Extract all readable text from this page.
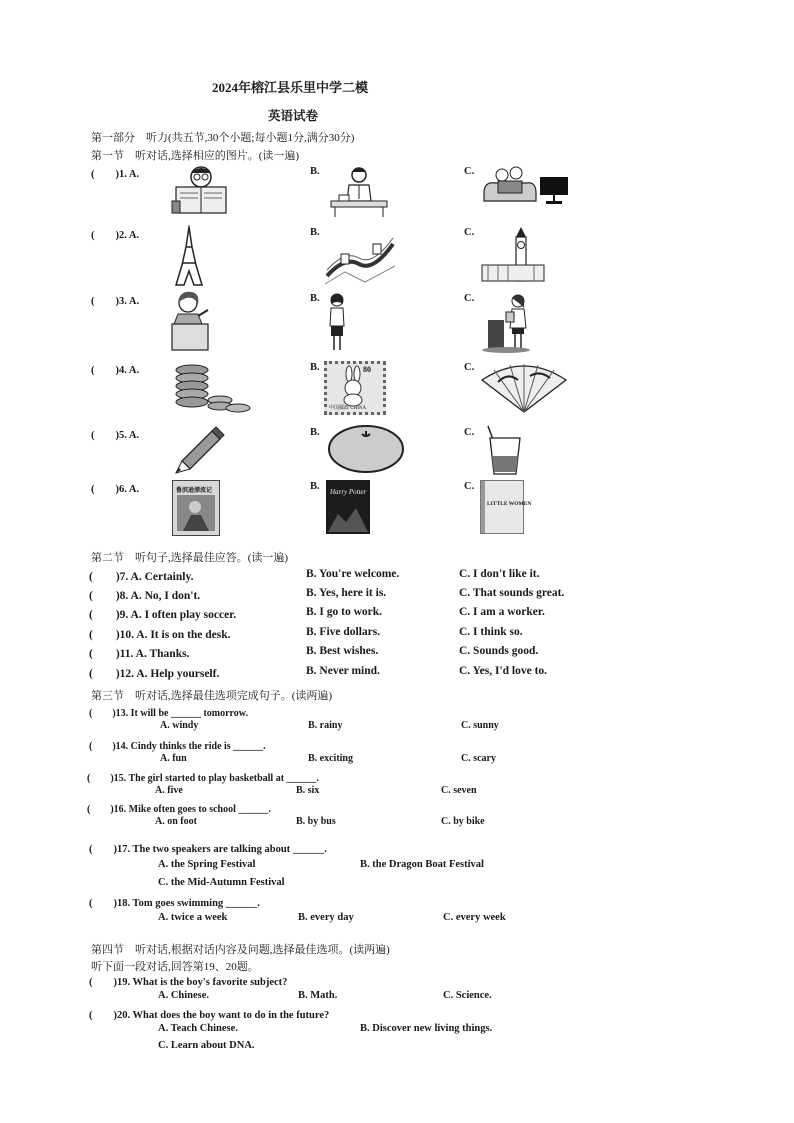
2024年榕江县乐里中学二模
英语试卷
第一部分　听力(共五节,30个小题;每小题1分,满分30分)
第一节　听对话,选择相应的图片。(读一遍)
(　　)1. A.	B.	C.
(　　)2. A.	B.	C.
(　　)3. A.	B.	C.
(　　)4. A.	B.	C.
80
中国邮政 CHINA
(　　)5. A.	B.	C.
(　　)6. A.	B.	C.
鲁滨逊漂流记	Harry Potter
LITTLE WOMEN
第二节　听句子,选择最佳应答。(读一遍)
(　　)7. A. Certainly.	B. You're welcome.	C. I don't like it.
(　　)8. A. No, I don't.	B. Yes, here it is.	C. That sounds great.
(　　)9. A. I often play soccer.	B. I go to work.	C. I am a worker.
(　　)10. A. It is on the desk.	B. Five dollars.	C. I think so.
(　　)11. A. Thanks.	B. Best wishes.	C. Sounds good.
(　　)12. A. Help yourself.	B. Never mind.	C. Yes, I'd love to.
第三节　听对话,选择最佳选项完成句子。(读两遍)
(　　)13. It will be ______ tomorrow.
A. windy	B. rainy	C. sunny
(　　)14. Cindy thinks the ride is ______.
A. fun	B. exciting	C. scary
(　　)15. The girl started to play basketball at ______.
A. five	B. six	C. seven
(　　)16. Mike often goes to school ______.
A. on foot	B. by bus	C. by bike
(　　)17. The two speakers are talking about ______.
A. the Spring Festival	B. the Dragon Boat Festival
C. the Mid-Autumn Festival
(　　)18. Tom goes swimming ______.
A. twice a week	B. every day	C. every week
第四节　听对话,根据对话内容及问题,选择最佳选项。(读两遍)
听下面一段对话,回答第19、20题。
(　　)19. What is the boy's favorite subject?
A. Chinese.	B. Math.	C. Science.
(　　)20. What does the boy want to do in the future?
A. Teach Chinese.	B. Discover new living things.
C. Learn about DNA.
